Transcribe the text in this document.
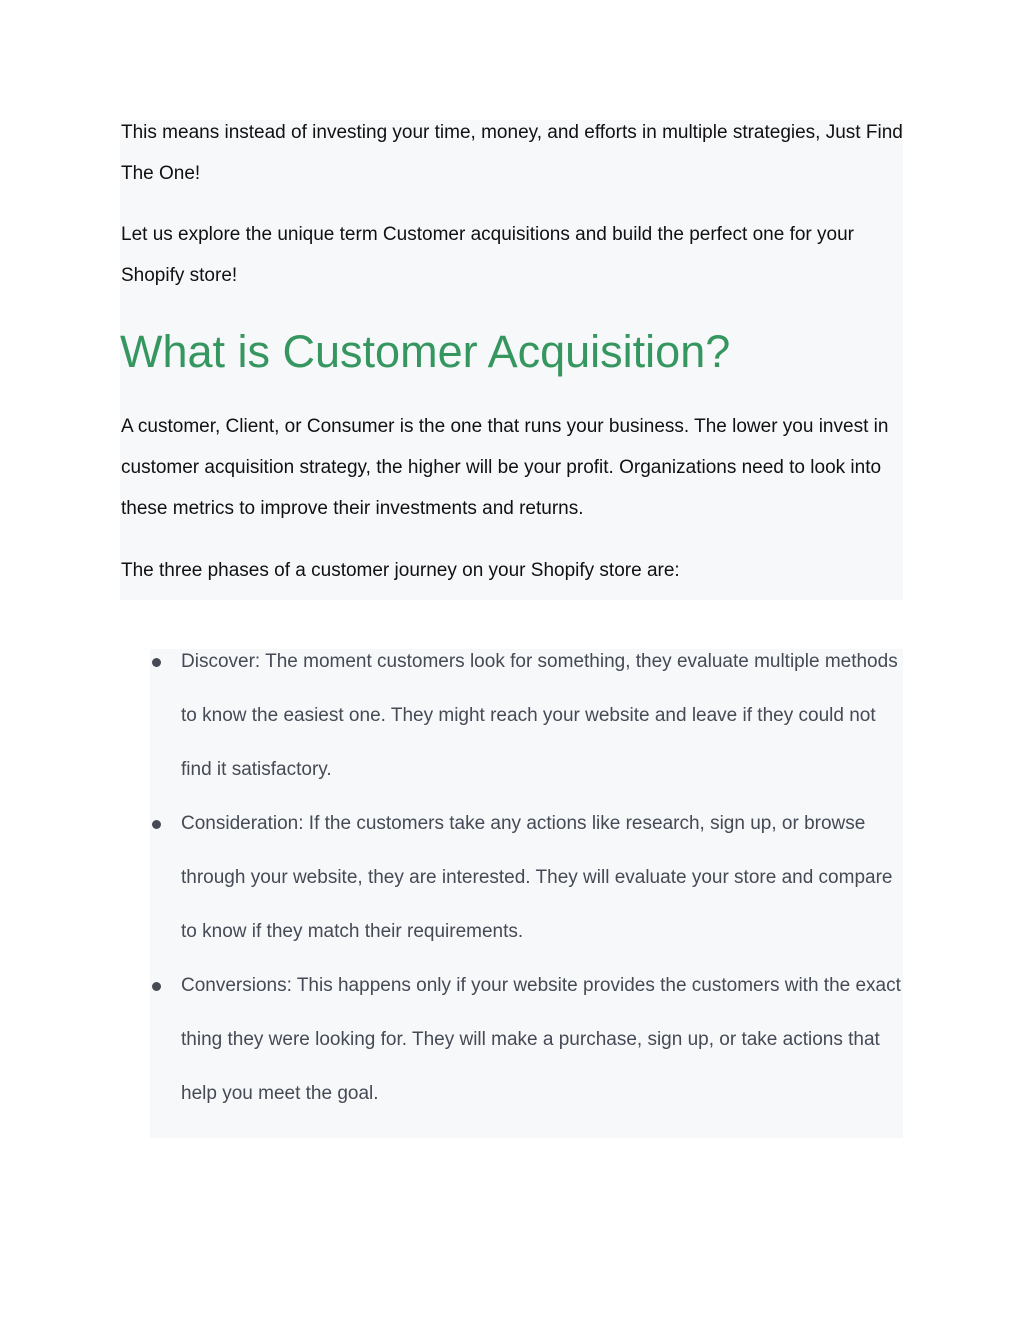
This means instead of investing your time, money, and efforts in multiple strategies, Just Find The One!

Let us explore the unique term Customer acquisitions and build the perfect one for your Shopify store!

What is Customer Acquisition?

A customer, Client, or Consumer is the one that runs your business. The lower you invest in customer acquisition strategy, the higher will be your profit. Organizations need to look into these metrics to improve their investments and returns.

The three phases of a customer journey on your Shopify store are:

Discover: The moment customers look for something, they evaluate multiple methods to know the easiest one. They might reach your website and leave if they could not find it satisfactory.
Consideration: If the customers take any actions like research, sign up, or browse through your website, they are interested. They will evaluate your store and compare to know if they match their requirements.
Conversions: This happens only if your website provides the customers with the exact thing they were looking for. They will make a purchase, sign up, or take actions that help you meet the goal.
